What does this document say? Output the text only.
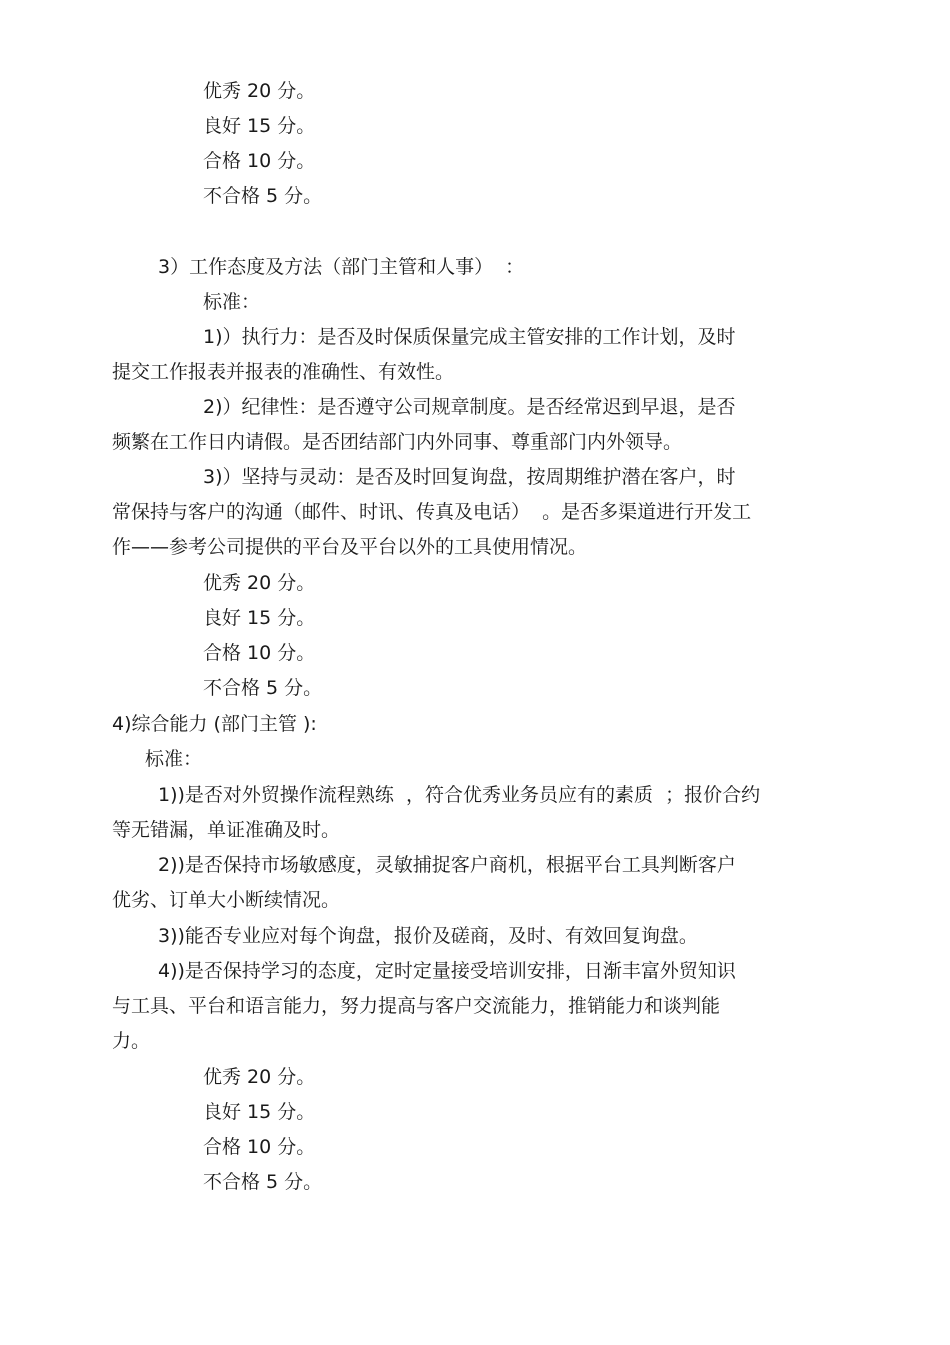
优秀 20 分。
良好 15 分。
合格 10 分。
不合格 5 分。
3）工作态度及方法（部门主管和人事）  ：
标准：
1)）执行力：是否及时保质保量完成主管安排的工作计划，及时
提交工作报表并报表的准确性、有效性。
2)）纪律性：是否遵守公司规章制度。是否经常迟到早退，是否
频繁在工作日内请假。是否团结部门内外同事、尊重部门内外领导。
3)）坚持与灵动：是否及时回复询盘，按周期维护潜在客户，时
常保持与客户的沟通（邮件、时讯、传真及电话）  。是否多渠道进行开发工
作——参考公司提供的平台及平台以外的工具使用情况。
优秀 20 分。
良好 15 分。
合格 10 分。
不合格 5 分。
4)综合能力 (部门主管 ):
标准：
1))是否对外贸操作流程熟练  ，符合优秀业务员应有的素质  ；报价合约
等无错漏，单证准确及时。
2))是否保持市场敏感度，灵敏捕捉客户商机，根据平台工具判断客户
优劣、订单大小断续情况。
3))能否专业应对每个询盘，报价及磋商，及时、有效回复询盘。
4))是否保持学习的态度，定时定量接受培训安排，日渐丰富外贸知识
与工具、平台和语言能力，努力提高与客户交流能力，推销能力和谈判能
力。
优秀 20 分。
良好 15 分。
合格 10 分。
不合格 5 分。
